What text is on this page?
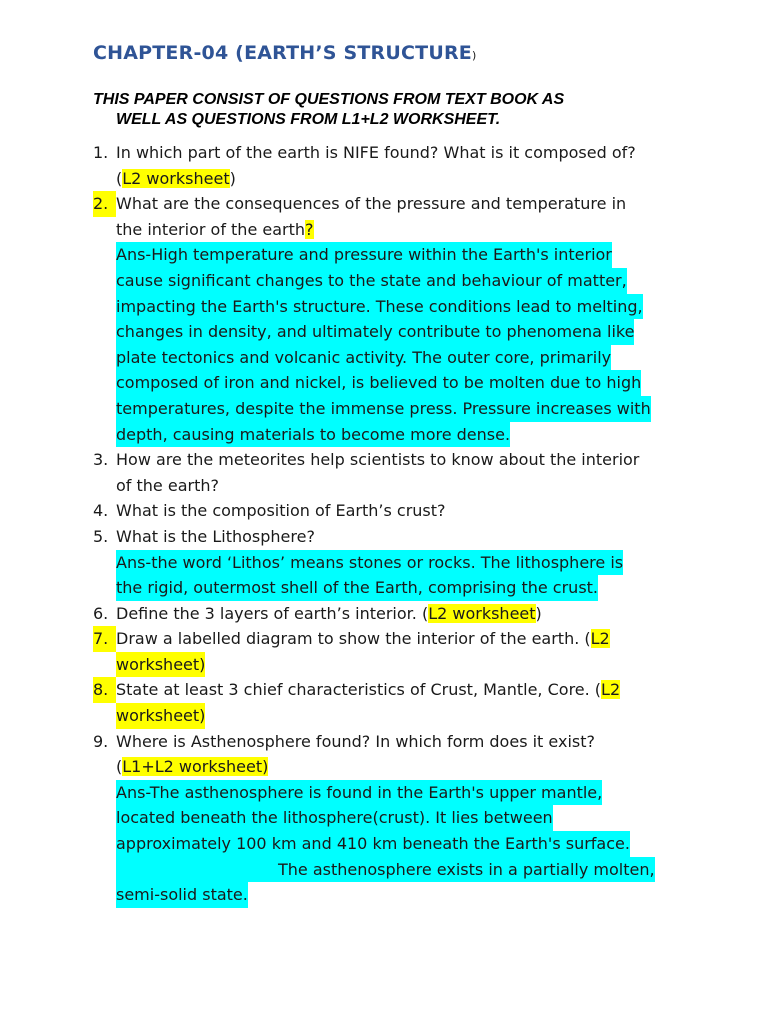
CHAPTER-04 (EARTH’S STRUCTURE)
THIS PAPER CONSIST OF QUESTIONS FROM TEXT BOOK AS
WELL AS QUESTIONS FROM L1+L2 WORKSHEET.
1. In which part of the earth is NIFE found? What is it composed of?
(L2 worksheet)
2. What are the consequences of the pressure and temperature in
the interior of the earth?
Ans-High temperature and pressure within the Earth's interior
cause significant changes to the state and behaviour of matter,
impacting the Earth's structure. These conditions lead to melting,
changes in density, and ultimately contribute to phenomena like
plate tectonics and volcanic activity. The outer core, primarily
composed of iron and nickel, is believed to be molten due to high
temperatures, despite the immense press. Pressure increases with
depth, causing materials to become more dense.
3. How are the meteorites help scientists to know about the interior
of the earth?
4. What is the composition of Earth’s crust?
5. What is the Lithosphere?
Ans-the word ‘Lithos’ means stones or rocks. The lithosphere is
the rigid, outermost shell of the Earth, comprising the crust.
6. Define the 3 layers of earth’s interior. (L2 worksheet)
7. Draw a labelled diagram to show the interior of the earth. (L2
worksheet)
8. State at least 3 chief characteristics of Crust, Mantle, Core. (L2
worksheet)
9. Where is Asthenosphere found? In which form does it exist?
(L1+L2 worksheet)
Ans-The asthenosphere is found in the Earth's upper mantle,
located beneath the lithosphere(crust). It lies between
approximately 100 km and 410 km beneath the Earth's surface.
The asthenosphere exists in a partially molten,
semi-solid state.
